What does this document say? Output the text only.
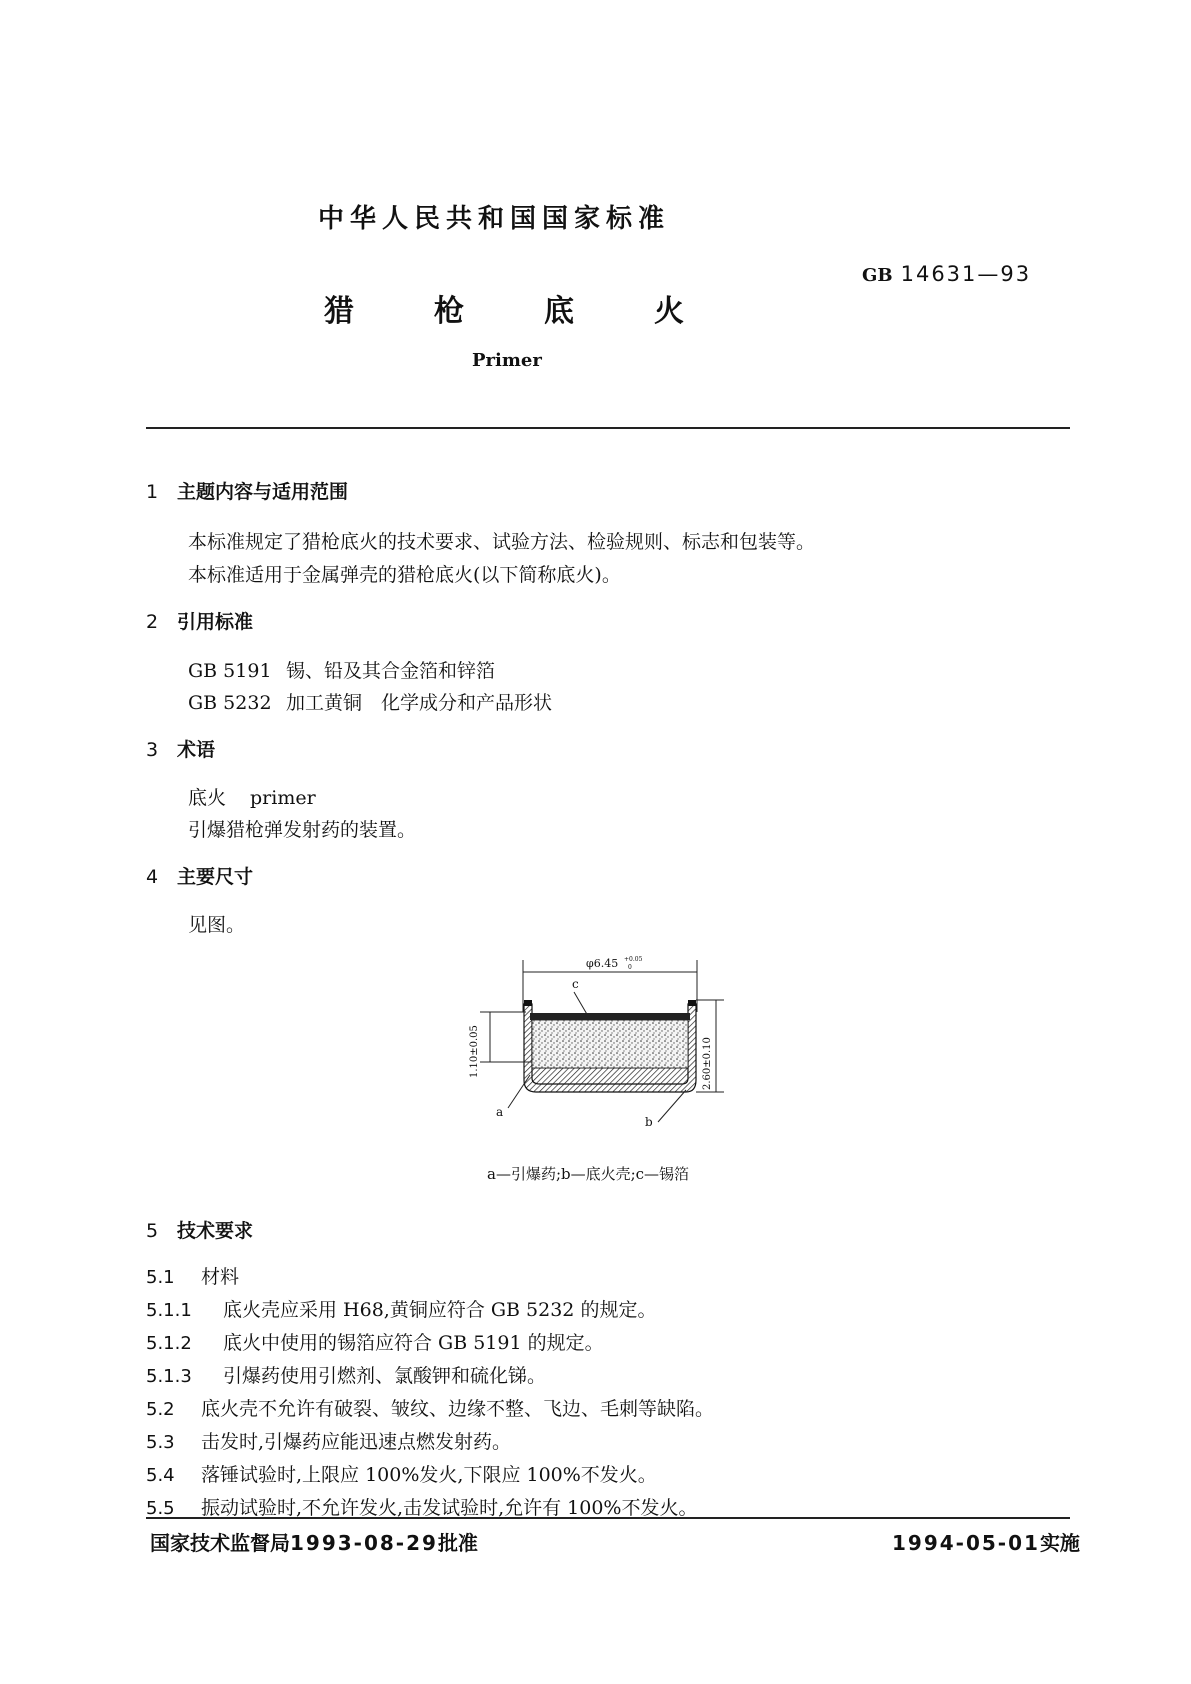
中华人民共和国国家标准
GB 14631—93
猎	枪	底	火
Primer
1 主题内容与适用范围
本标准规定了猎枪底火的技术要求、试验方法、检验规则、标志和包装等。
本标准适用于金属弹壳的猎枪底火(以下简称底火)。
2 引用标准
GB 5191 锡、铅及其合金箔和锌箔
GB 5232 加工黄铜　化学成分和产品形状
3 术语
底火 primer
引爆猎枪弹发射药的装置。
4 主要尺寸
见图。
φ6.45 +0.05
0
c
1.10±0.05	2.60±0.10
a
b
a—引爆药;b—底火壳;c—锡箔
5 技术要求
5.1 材料
5.1.1 底火壳应采用 H68,黄铜应符合 GB 5232 的规定。
5.1.2 底火中使用的锡箔应符合 GB 5191 的规定。
5.1.3 引爆药使用引燃剂、氯酸钾和硫化锑。
5.2 底火壳不允许有破裂、皱纹、边缘不整、飞边、毛刺等缺陷。
5.3 击发时,引爆药应能迅速点燃发射药。
5.4 落锤试验时,上限应 100%发火,下限应 100%不发火。
5.5 振动试验时,不允许发火,击发试验时,允许有 100%不发火。
国家技术监督局1993-08-29批准	1994-05-01实施
